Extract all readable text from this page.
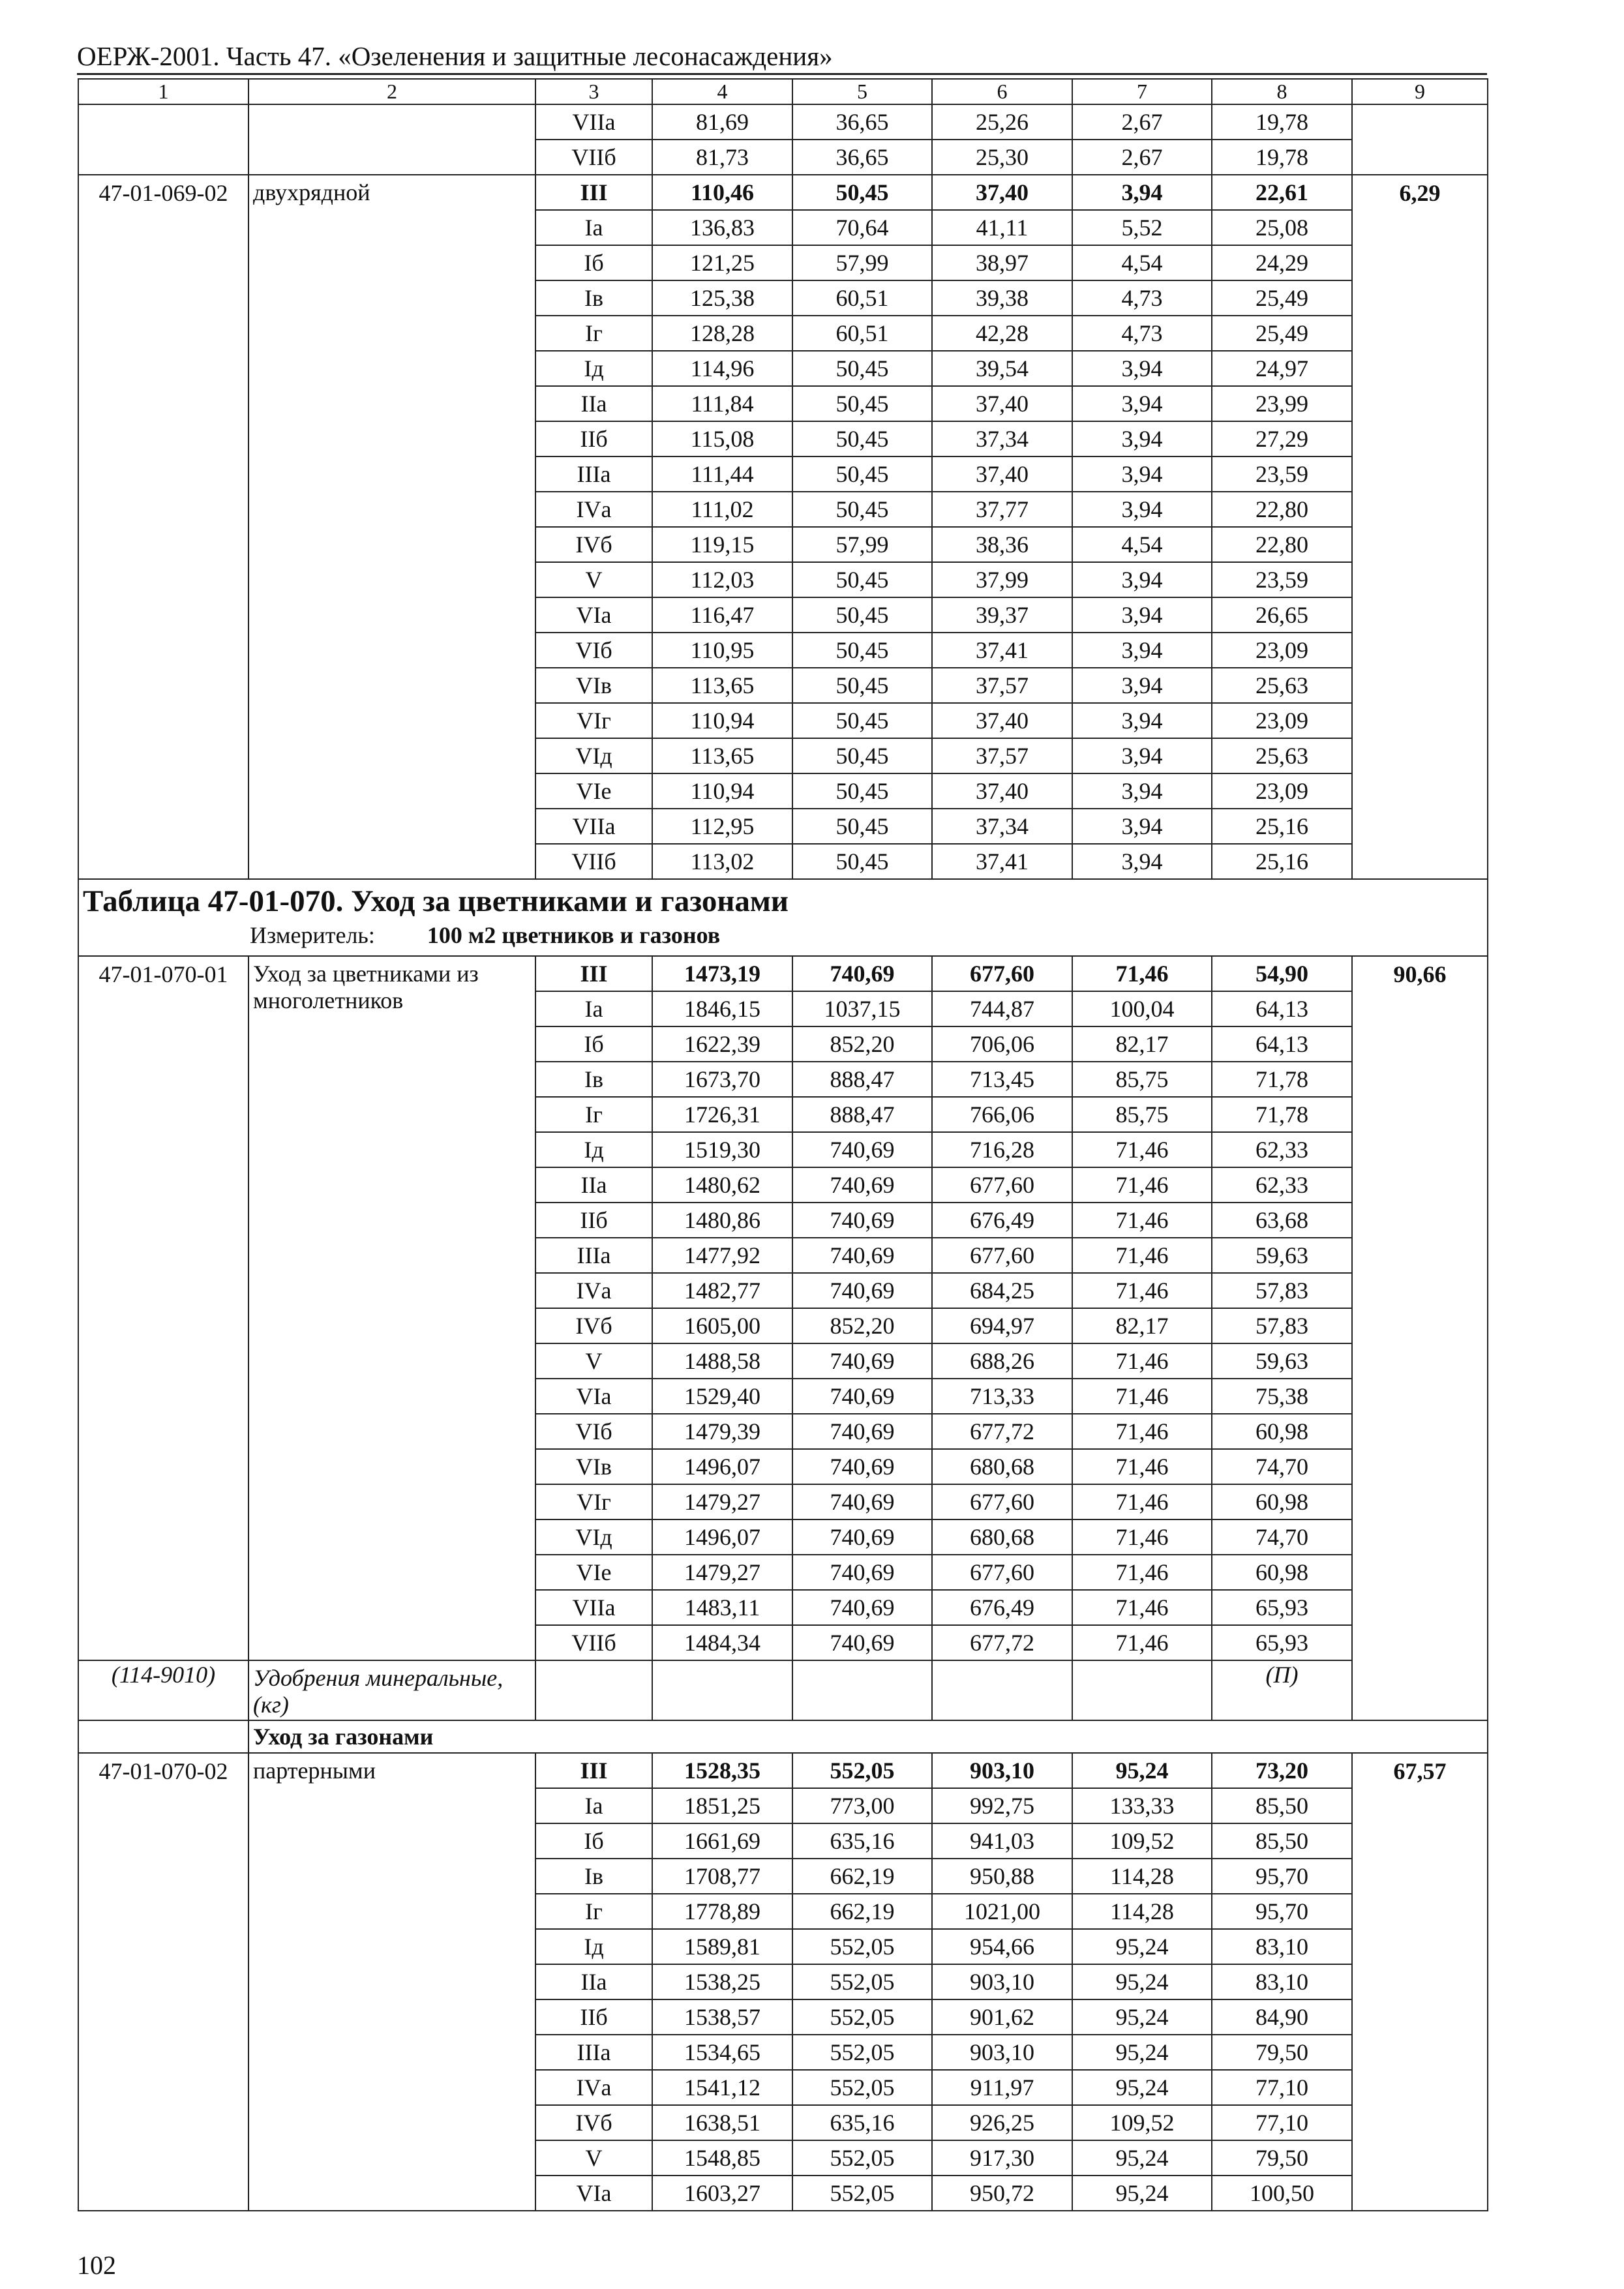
ОЕРЖ-2001. Часть 47. «Озеленения и защитные лесонасаждения»
1	2	3	4	5	6	7	8	9
		VIIа	81,69	36,65	25,26	2,67	19,78	
		VIIб	81,73	36,65	25,30	2,67	19,78	
47-01-069-02	двухрядной	III	110,46	50,45	37,40	3,94	22,61	6,29
		Iа	136,83	70,64	41,11	5,52	25,08	
		Iб	121,25	57,99	38,97	4,54	24,29	
		Iв	125,38	60,51	39,38	4,73	25,49	
		Iг	128,28	60,51	42,28	4,73	25,49	
		Iд	114,96	50,45	39,54	3,94	24,97	
		IIа	111,84	50,45	37,40	3,94	23,99	
		IIб	115,08	50,45	37,34	3,94	27,29	
		IIIа	111,44	50,45	37,40	3,94	23,59	
		IVа	111,02	50,45	37,77	3,94	22,80	
		IVб	119,15	57,99	38,36	4,54	22,80	
		V	112,03	50,45	37,99	3,94	23,59	
		VIа	116,47	50,45	39,37	3,94	26,65	
		VIб	110,95	50,45	37,41	3,94	23,09	
		VIв	113,65	50,45	37,57	3,94	25,63	
		VIг	110,94	50,45	37,40	3,94	23,09	
		VIд	113,65	50,45	37,57	3,94	25,63	
		VIе	110,94	50,45	37,40	3,94	23,09	
		VIIа	112,95	50,45	37,34	3,94	25,16	
		VIIб	113,02	50,45	37,41	3,94	25,16	

Таблица 47-01-070. Уход за цветниками и газонами
Измеритель: 100 м2 цветников и газонов								

47-01-070-01	Уход за цветниками из многолетников	III	1473,19	740,69	677,60	71,46	54,90	90,66
		Iа	1846,15	1037,15	744,87	100,04	64,13	
		Iб	1622,39	852,20	706,06	82,17	64,13	
		Iв	1673,70	888,47	713,45	85,75	71,78	
		Iг	1726,31	888,47	766,06	85,75	71,78	
		Iд	1519,30	740,69	716,28	71,46	62,33	
		IIа	1480,62	740,69	677,60	71,46	62,33	
		IIб	1480,86	740,69	676,49	71,46	63,68	
		IIIа	1477,92	740,69	677,60	71,46	59,63	
		IVа	1482,77	740,69	684,25	71,46	57,83	
		IVб	1605,00	852,20	694,97	82,17	57,83	
		V	1488,58	740,69	688,26	71,46	59,63	
		VIа	1529,40	740,69	713,33	71,46	75,38	
		VIб	1479,39	740,69	677,72	71,46	60,98	
		VIв	1496,07	740,69	680,68	71,46	74,70	
		VIг	1479,27	740,69	677,60	71,46	60,98	
		VIд	1496,07	740,69	680,68	71,46	74,70	
		VIе	1479,27	740,69	677,60	71,46	60,98	
		VIIа	1483,11	740,69	676,49	71,46	65,93	
		VIIб	1484,34	740,69	677,72	71,46	65,93	
(114-9010)	Удобрения минеральные, (кг)						(П)	
	Уход за газонами							
47-01-070-02	партерными	III	1528,35	552,05	903,10	95,24	73,20	67,57
		Iа	1851,25	773,00	992,75	133,33	85,50	
		Iб	1661,69	635,16	941,03	109,52	85,50	
		Iв	1708,77	662,19	950,88	114,28	95,70	
		Iг	1778,89	662,19	1021,00	114,28	95,70	
		Iд	1589,81	552,05	954,66	95,24	83,10	
		IIа	1538,25	552,05	903,10	95,24	83,10	
		IIб	1538,57	552,05	901,62	95,24	84,90	
		IIIа	1534,65	552,05	903,10	95,24	79,50	
		IVа	1541,12	552,05	911,97	95,24	77,10	
		IVб	1638,51	635,16	926,25	109,52	77,10	
		V	1548,85	552,05	917,30	95,24	79,50	
		VIа	1603,27	552,05	950,72	95,24	100,50	
102
